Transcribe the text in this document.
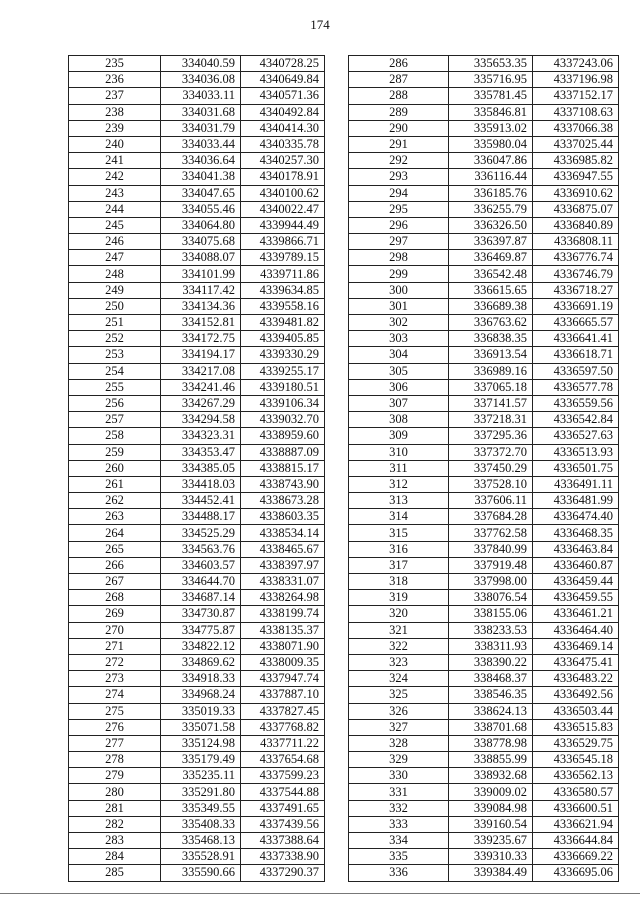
174
235	334040.59	4340728.25
236	334036.08	4340649.84
237	334033.11	4340571.36
238	334031.68	4340492.84
239	334031.79	4340414.30
240	334033.44	4340335.78
241	334036.64	4340257.30
242	334041.38	4340178.91
243	334047.65	4340100.62
244	334055.46	4340022.47
245	334064.80	4339944.49
246	334075.68	4339866.71
247	334088.07	4339789.15
248	334101.99	4339711.86
249	334117.42	4339634.85
250	334134.36	4339558.16
251	334152.81	4339481.82
252	334172.75	4339405.85
253	334194.17	4339330.29
254	334217.08	4339255.17
255	334241.46	4339180.51
256	334267.29	4339106.34
257	334294.58	4339032.70
258	334323.31	4338959.60
259	334353.47	4338887.09
260	334385.05	4338815.17
261	334418.03	4338743.90
262	334452.41	4338673.28
263	334488.17	4338603.35
264	334525.29	4338534.14
265	334563.76	4338465.67
266	334603.57	4338397.97
267	334644.70	4338331.07
268	334687.14	4338264.98
269	334730.87	4338199.74
270	334775.87	4338135.37
271	334822.12	4338071.90
272	334869.62	4338009.35
273	334918.33	4337947.74
274	334968.24	4337887.10
275	335019.33	4337827.45
276	335071.58	4337768.82
277	335124.98	4337711.22
278	335179.49	4337654.68
279	335235.11	4337599.23
280	335291.80	4337544.88
281	335349.55	4337491.65
282	335408.33	4337439.56
283	335468.13	4337388.64
284	335528.91	4337338.90
285	335590.66	4337290.37
286	335653.35	4337243.06
287	335716.95	4337196.98
288	335781.45	4337152.17
289	335846.81	4337108.63
290	335913.02	4337066.38
291	335980.04	4337025.44
292	336047.86	4336985.82
293	336116.44	4336947.55
294	336185.76	4336910.62
295	336255.79	4336875.07
296	336326.50	4336840.89
297	336397.87	4336808.11
298	336469.87	4336776.74
299	336542.48	4336746.79
300	336615.65	4336718.27
301	336689.38	4336691.19
302	336763.62	4336665.57
303	336838.35	4336641.41
304	336913.54	4336618.71
305	336989.16	4336597.50
306	337065.18	4336577.78
307	337141.57	4336559.56
308	337218.31	4336542.84
309	337295.36	4336527.63
310	337372.70	4336513.93
311	337450.29	4336501.75
312	337528.10	4336491.11
313	337606.11	4336481.99
314	337684.28	4336474.40
315	337762.58	4336468.35
316	337840.99	4336463.84
317	337919.48	4336460.87
318	337998.00	4336459.44
319	338076.54	4336459.55
320	338155.06	4336461.21
321	338233.53	4336464.40
322	338311.93	4336469.14
323	338390.22	4336475.41
324	338468.37	4336483.22
325	338546.35	4336492.56
326	338624.13	4336503.44
327	338701.68	4336515.83
328	338778.98	4336529.75
329	338855.99	4336545.18
330	338932.68	4336562.13
331	339009.02	4336580.57
332	339084.98	4336600.51
333	339160.54	4336621.94
334	339235.67	4336644.84
335	339310.33	4336669.22
336	339384.49	4336695.06
